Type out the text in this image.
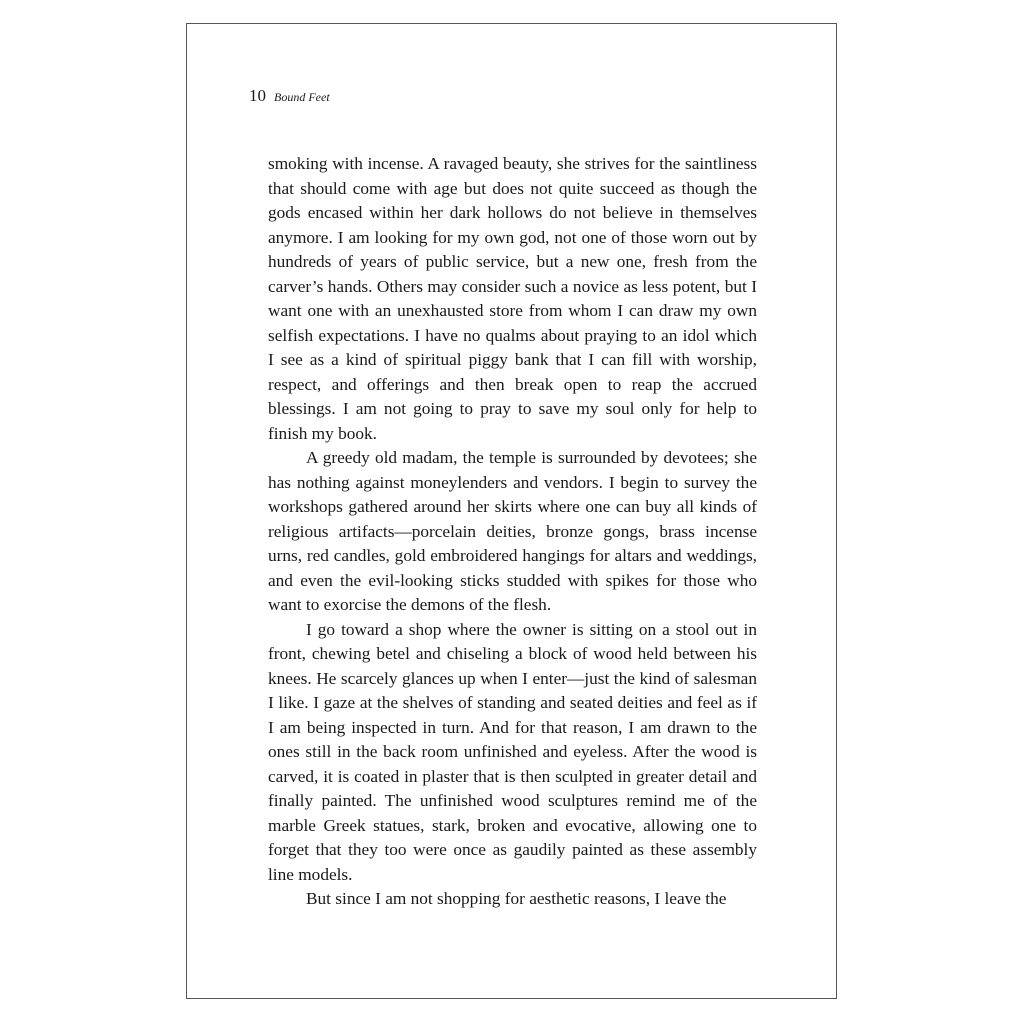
10 Bound Feet

smoking with incense. A ravaged beauty, she strives for the saintliness that should come with age but does not quite succeed as though the gods encased within her dark hollows do not believe in themselves anymore. I am looking for my own god, not one of those worn out by hundreds of years of public service, but a new one, fresh from the carver’s hands. Others may consider such a novice as less potent, but I want one with an unexhausted store from whom I can draw my own selfish expectations. I have no qualms about praying to an idol which I see as a kind of spiritual piggy bank that I can fill with worship, respect, and offerings and then break open to reap the accrued blessings. I am not going to pray to save my soul only for help to finish my book.

A greedy old madam, the temple is surrounded by devotees; she has nothing against moneylenders and vendors. I begin to survey the workshops gathered around her skirts where one can buy all kinds of religious artifacts—porcelain deities, bronze gongs, brass incense urns, red candles, gold embroidered hangings for altars and weddings, and even the evil-looking sticks studded with spikes for those who want to exorcise the demons of the flesh.

I go toward a shop where the owner is sitting on a stool out in front, chewing betel and chiseling a block of wood held between his knees. He scarcely glances up when I enter—just the kind of salesman I like. I gaze at the shelves of standing and seated deities and feel as if I am being inspected in turn. And for that reason, I am drawn to the ones still in the back room unfinished and eyeless. After the wood is carved, it is coated in plaster that is then sculpted in greater detail and finally painted. The unfinished wood sculptures remind me of the marble Greek statues, stark, broken and evocative, allowing one to forget that they too were once as gaudily painted as these assembly line models.

But since I am not shopping for aesthetic reasons, I leave the
